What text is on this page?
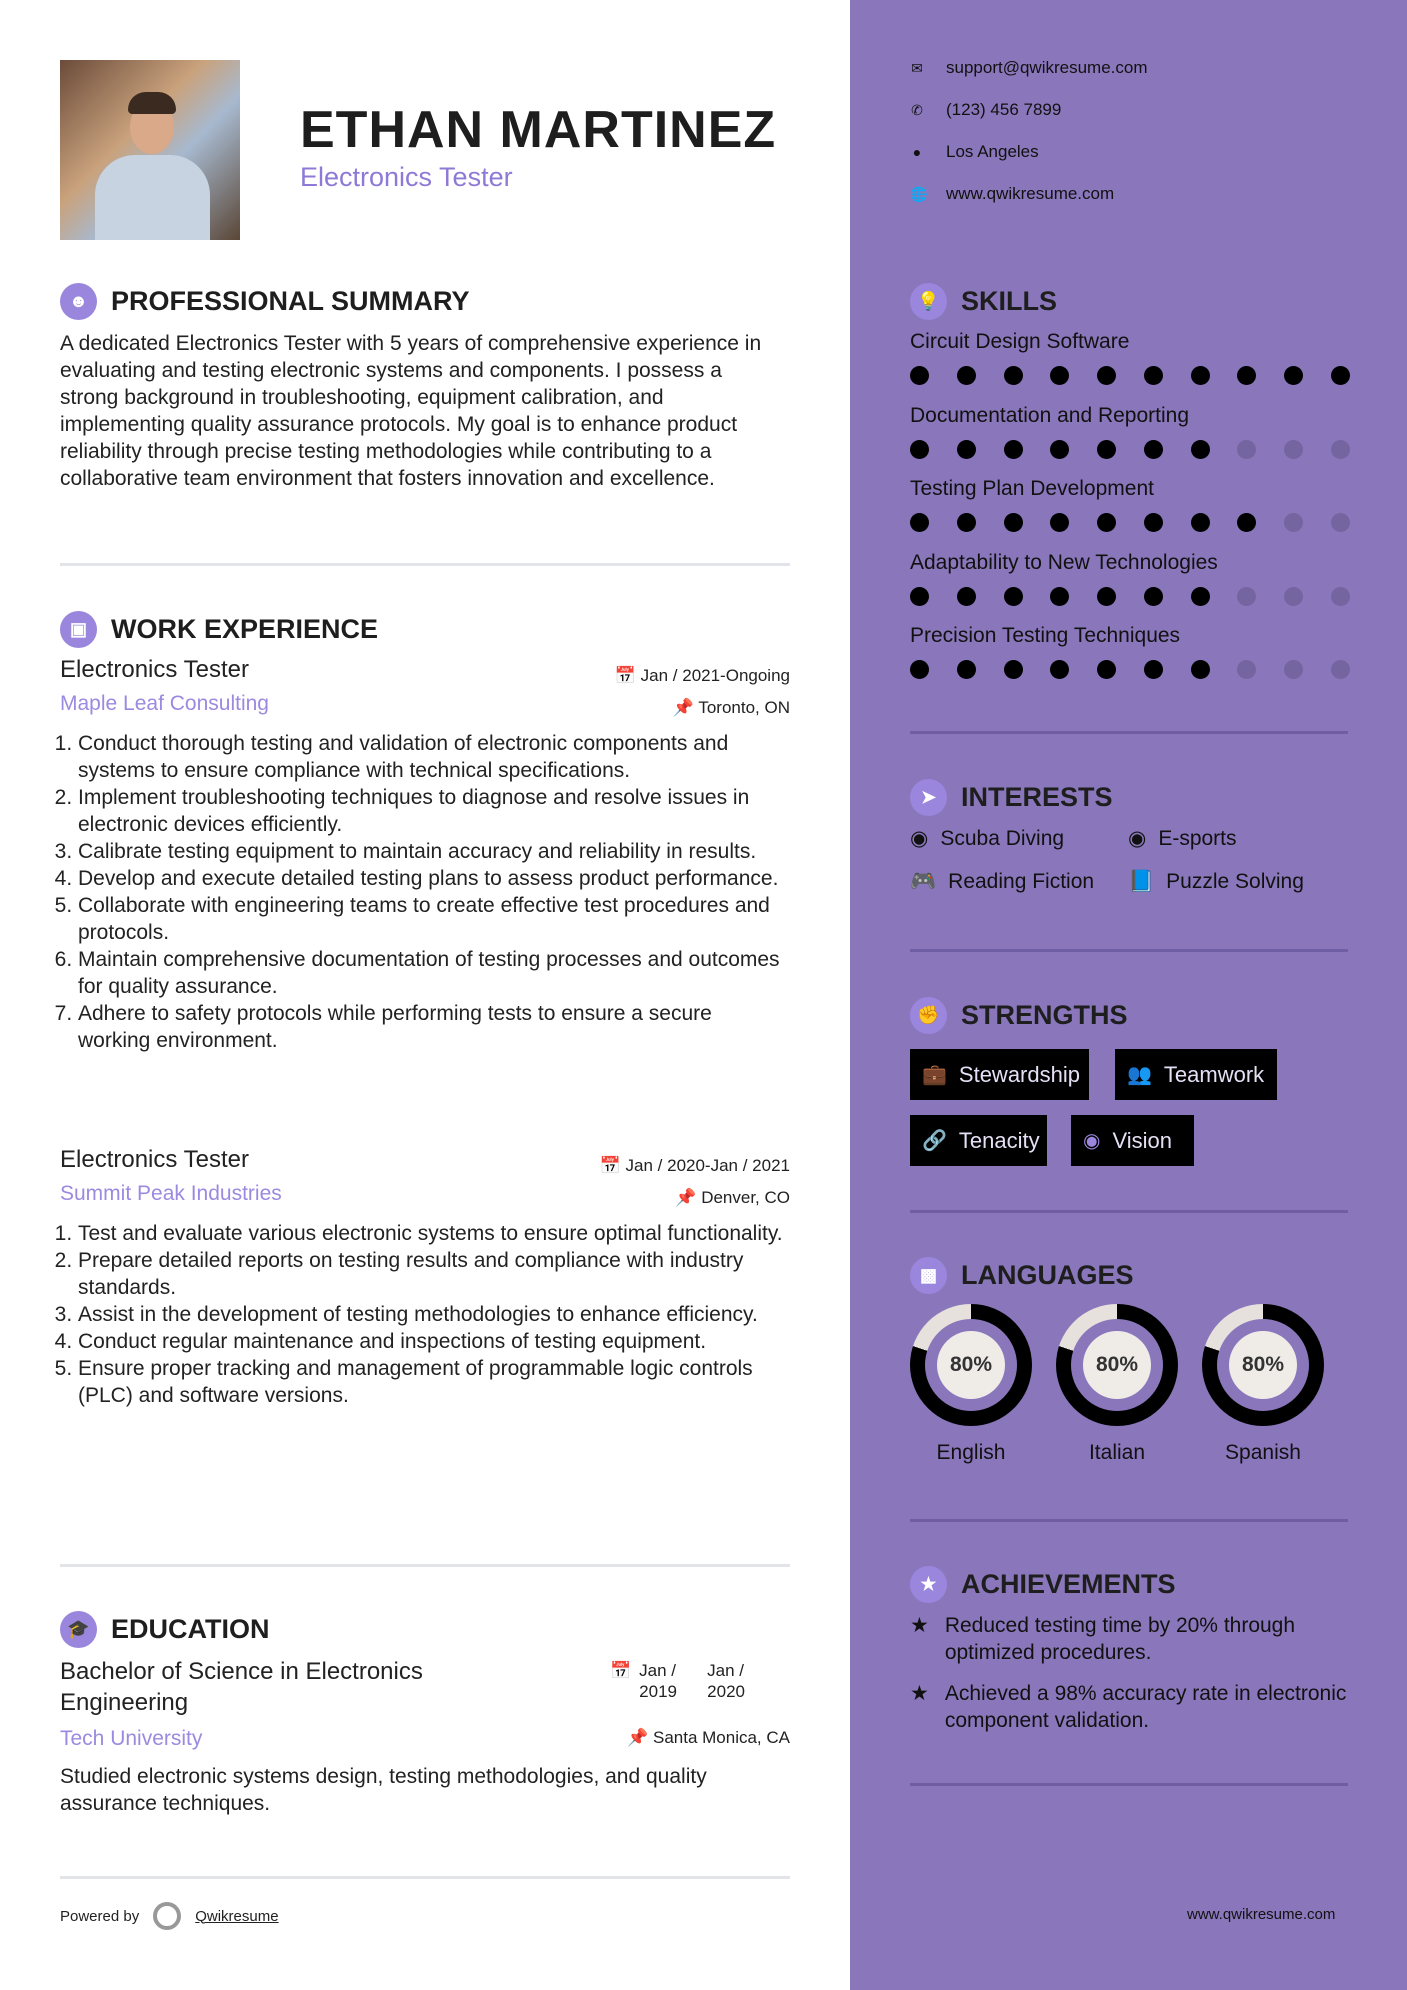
ETHAN MARTINEZ
Electronics Tester
☻ PROFESSIONAL SUMMARY

A dedicated Electronics Tester with 5 years of comprehensive experience in evaluating and testing electronic systems and components. I possess a strong background in troubleshooting, equipment calibration, and implementing quality assurance protocols. My goal is to enhance product reliability through precise testing methodologies while contributing to a collaborative team environment that fosters innovation and excellence.

▣ WORK EXPERIENCE
Electronics Tester	📅 Jan / 2021-Ongoing
Maple Leaf Consulting	📌 Toronto, ON
1. Conduct thorough testing and validation of electronic components and systems to ensure compliance with technical specifications.
2. Implement troubleshooting techniques to diagnose and resolve issues in electronic devices efficiently.
3. Calibrate testing equipment to maintain accuracy and reliability in results.
4. Develop and execute detailed testing plans to assess product performance.
5. Collaborate with engineering teams to create effective test procedures and protocols.
6. Maintain comprehensive documentation of testing processes and outcomes for quality assurance.
7. Adhere to safety protocols while performing tests to ensure a secure working environment.
Electronics Tester	📅 Jan / 2020-Jan / 2021
Summit Peak Industries	📌 Denver, CO
1. Test and evaluate various electronic systems to ensure optimal functionality.
2. Prepare detailed reports on testing results and compliance with industry standards.
3. Assist in the development of testing methodologies to enhance efficiency.
4. Conduct regular maintenance and inspections of testing equipment.
5. Ensure proper tracking and management of programmable logic controls (PLC) and software versions.
🎓 EDUCATION
Bachelor of Science in Electronics Engineering
📅 Jan / 2019
Jan / 2020
Tech University	📌 Santa Monica, CA

Studied electronic systems design, testing methodologies, and quality assurance techniques.

Powered by	Qwikresume
✉ support@qwikresume.com
✆ (123) 456 7899
● Los Angeles
🌐 www.qwikresume.com
💡 SKILLS
Circuit Design Software
Documentation and Reporting
Testing Plan Development
Adaptability to New Technologies
Precision Testing Techniques
➤ INTERESTS
◉ Scuba Diving	◉ E-sports
🎮 Reading Fiction 📘 Puzzle Solving
✊ STRENGTHS
💼 Stewardship 👥 Teamwork
🔗 Tenacity ◉ Vision
▩ LANGUAGES
80%
English
80%
Italian
80%
Spanish
★ ACHIEVEMENTS
★ Reduced testing time by 20% through optimized procedures.
★ Achieved a 98% accuracy rate in electronic component validation.
www.qwikresume.com
